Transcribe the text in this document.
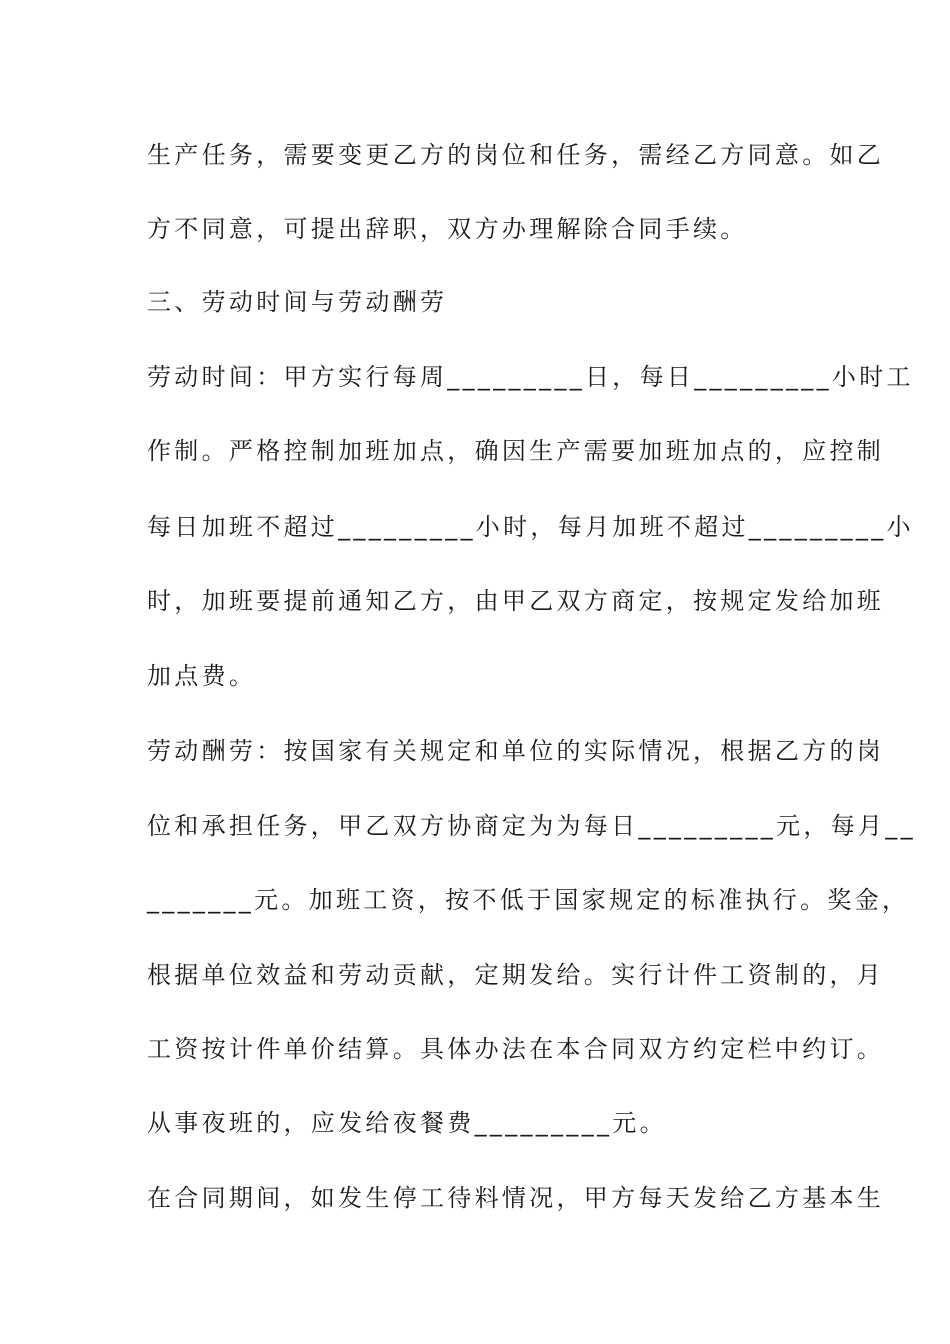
生产任务，需要变更乙方的岗位和任务，需经乙方同意。如乙
方不同意，可提出辞职，双方办理解除合同手续。
三、劳动时间与劳动酬劳
劳动时间：甲方实行每周_________日，每日_________小时工
作制。严格控制加班加点，确因生产需要加班加点的，应控制
每日加班不超过_________小时，每月加班不超过_________小
时，加班要提前通知乙方，由甲乙双方商定，按规定发给加班
加点费。
劳动酬劳：按国家有关规定和单位的实际情况，根据乙方的岗
位和承担任务，甲乙双方协商定为为每日_________元，每月__
_______元。加班工资，按不低于国家规定的标准执行。奖金，
根据单位效益和劳动贡献，定期发给。实行计件工资制的，月
工资按计件单价结算。具体办法在本合同双方约定栏中约订。
从事夜班的，应发给夜餐费_________元。
在合同期间，如发生停工待料情况，甲方每天发给乙方基本生
